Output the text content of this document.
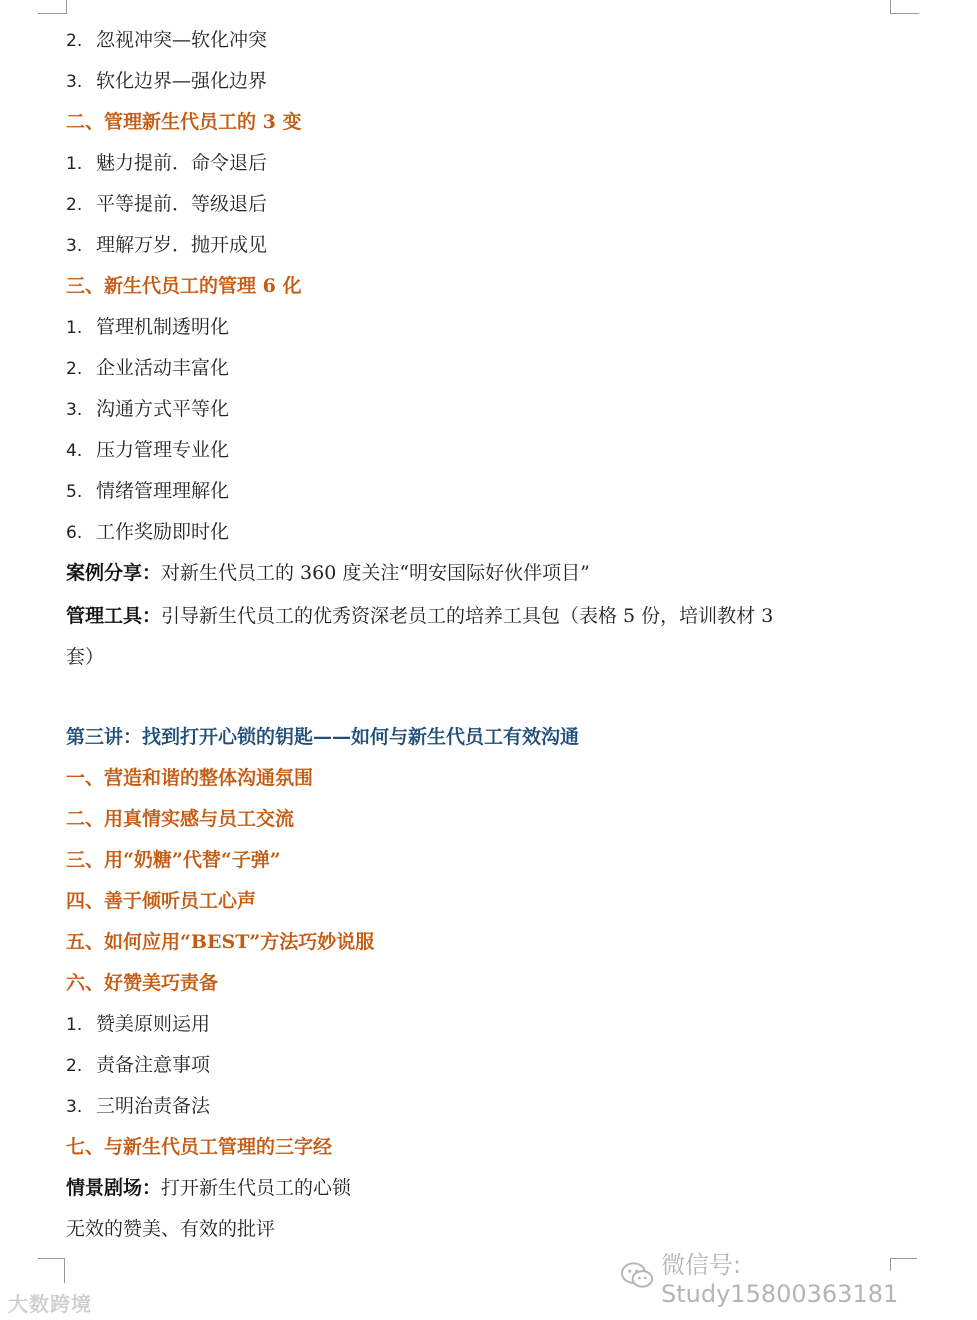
2. 忽视冲突—软化冲突
3. 软化边界—强化边界
二、管理新生代员工的 3 变
1. 魅力提前．命令退后
2. 平等提前．等级退后
3. 理解万岁．抛开成见
三、新生代员工的管理 6 化
1. 管理机制透明化
2. 企业活动丰富化
3. 沟通方式平等化
4. 压力管理专业化
5. 情绪管理理解化
6. 工作奖励即时化
案例分享：对新生代员工的 360 度关注“明安国际好伙伴项目”
管理工具：引导新生代员工的优秀资深老员工的培养工具包（表格 5 份，培训教材 3 套）
第三讲：找到打开心锁的钥匙——如何与新生代员工有效沟通
一、营造和谐的整体沟通氛围
二、用真情实感与员工交流
三、用“奶糖”代替“子弹”
四、善于倾听员工心声
五、如何应用“BEST”方法巧妙说服
六、好赞美巧责备
1. 赞美原则运用
2. 责备注意事项
3. 三明治责备法
七、与新生代员工管理的三字经
情景剧场：打开新生代员工的心锁
无效的赞美、有效的批评
大数跨境
微信号: Study15800363181
